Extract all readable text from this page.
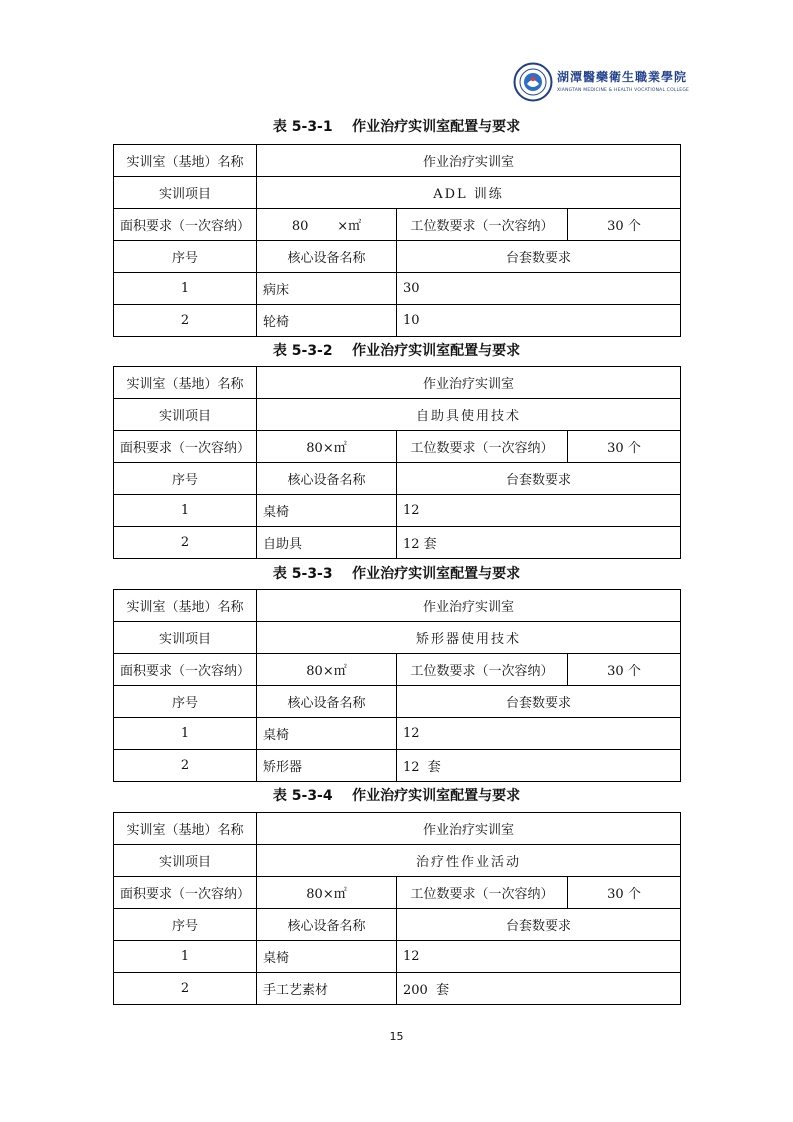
湖潭醫藥衛生職業學院
XIANGTAN MEDICINE & HEALTH VOCATIONAL COLLEGE
表 5-3-1    作业治疗实训室配置与要求
实训室（基地）名称	作业治疗实训室		
实训项目	ADL 训练		
面积要求（一次容纳）	80       ×㎡	工位数要求（一次容纳）	30 个
序号	核心设备名称	台套数要求	
1	病床	30	
2	轮椅	10	
表 5-3-2    作业治疗实训室配置与要求
实训室（基地）名称	作业治疗实训室		
实训项目	自助具使用技术		
面积要求（一次容纳）	80×㎡	工位数要求（一次容纳）	30 个
序号	核心设备名称	台套数要求	
1	桌椅	12	
2	自助具	12 套	
表 5-3-3    作业治疗实训室配置与要求
实训室（基地）名称	作业治疗实训室		
实训项目	矫形器使用技术		
面积要求（一次容纳）	80×㎡	工位数要求（一次容纳）	30 个
序号	核心设备名称	台套数要求	
1	桌椅	12	
2	矫形器	12  套	
表 5-3-4    作业治疗实训室配置与要求
实训室（基地）名称	作业治疗实训室		
实训项目	治疗性作业活动		
面积要求（一次容纳）	80×㎡	工位数要求（一次容纳）	30 个
序号	核心设备名称	台套数要求	
1	桌椅	12	
2	手工艺素材	200  套	
15
